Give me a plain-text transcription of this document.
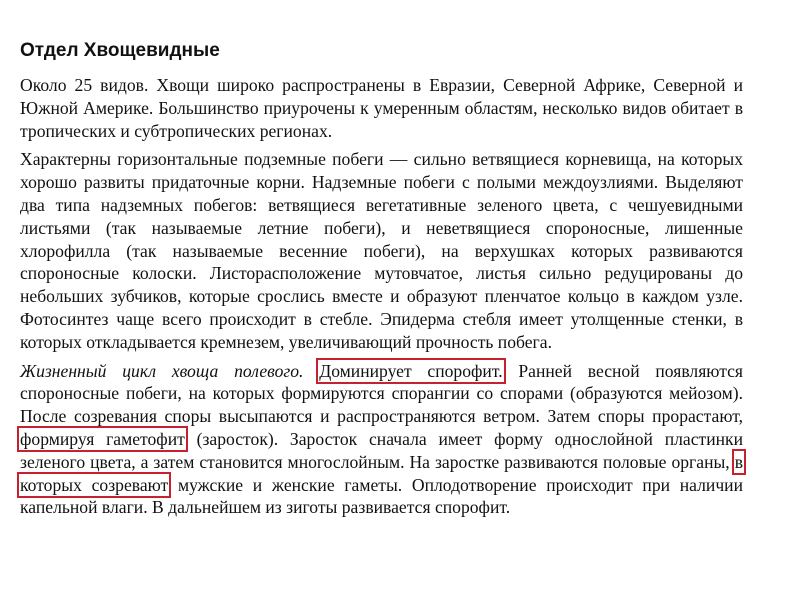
Отдел Хвощевидные

Около 25 видов. Хвощи широко распространены в Евразии, Северной Африке, Северной и Южной Америке. Большинство приурочены к умеренным областям, несколько видов обитает в тропических и субтропических регионах.

Характерны горизонтальные подземные побеги — сильно ветвящиеся корневища, на которых хорошо развиты придаточные корни. Надземные побеги с полыми междоузлиями. Выделяют два типа надземных побегов: ветвящиеся вегетативные зеленого цвета, с чешуевидными листьями (так называемые летние побеги), и неветвящиеся спороносные, лишенные хлорофилла (так называемые весенние побеги), на верхушках которых развиваются спороносные колоски. Листорасположение мутовчатое, листья сильно редуцированы до небольших зубчиков, которые срослись вместе и образуют пленчатое кольцо в каждом узле. Фотосинтез чаще всего происходит в стебле. Эпидерма стебля имеет утолщенные стенки, в которых откладывается кремнезем, увеличивающий прочность побега.

Жизненный цикл хвоща полевого. Доминирует спорофит. Ранней весной появляются спороносные побеги, на которых формируются спорангии со спорами (образуются мейозом). После созревания споры высыпаются и распространяются ветром. Затем споры прорастают, формируя гаметофит (заросток). Заросток сначала имеет форму однослойной пластинки зеленого цвета, а затем становится многослойным. На заростке развиваются половые органы, в которых созревают мужские и женские гаметы. Оплодотворение происходит при наличии капельной влаги. В дальнейшем из зиготы развивается спорофит.
